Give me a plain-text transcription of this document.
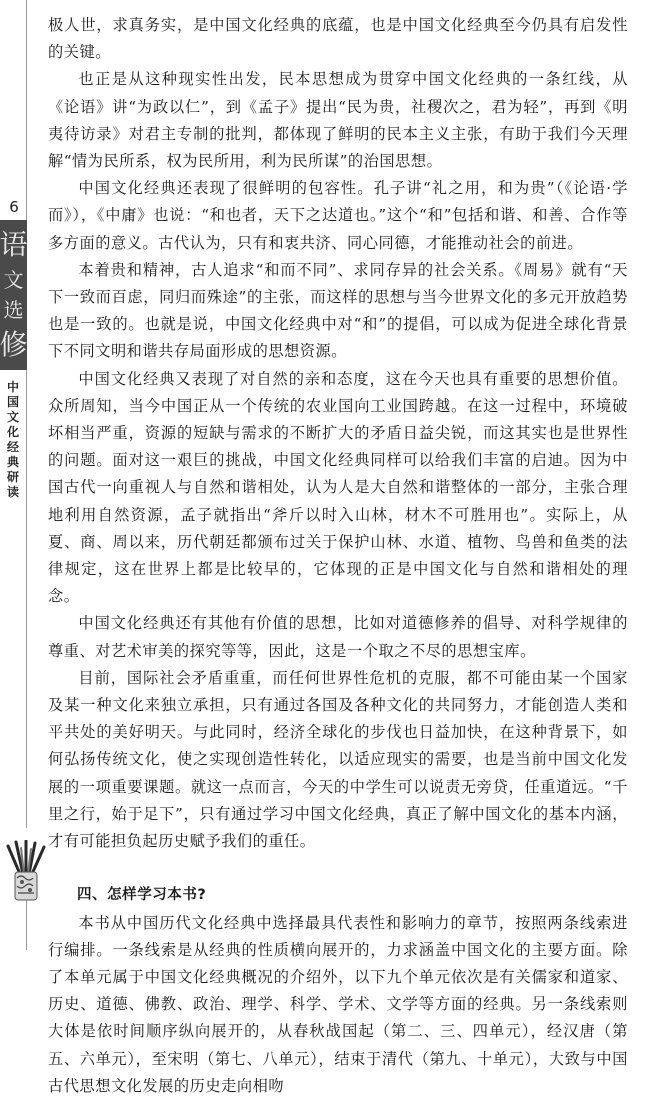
6
语
文
选
修
中
国
文
化
经
典
研
读

极人世，求真务实，是中国文化经典的底蕴，也是中国文化经典至今仍具有启发性的关键。

也正是从这种现实性出发，民本思想成为贯穿中国文化经典的一条红线，从《论语》讲“为政以仁”，到《孟子》提出“民为贵，社稷次之，君为轻”，再到《明夷待访录》对君主专制的批判，都体现了鲜明的民本主义主张，有助于我们今天理解“情为民所系，权为民所用，利为民所谋”的治国思想。

中国文化经典还表现了很鲜明的包容性。孔子讲“礼之用，和为贵”（《论语·学而》），《中庸》也说：“和也者，天下之达道也。”这个“和”包括和谐、和善、合作等多方面的意义。古代认为，只有和衷共济、同心同德，才能推动社会的前进。

本着贵和精神，古人追求“和而不同”、求同存异的社会关系。《周易》就有“天下一致而百虑，同归而殊途”的主张，而这样的思想与当今世界文化的多元开放趋势也是一致的。也就是说，中国文化经典中对“和”的提倡，可以成为促进全球化背景下不同文明和谐共存局面形成的思想资源。

中国文化经典又表现了对自然的亲和态度，这在今天也具有重要的思想价值。众所周知，当今中国正从一个传统的农业国向工业国跨越。在这一过程中，环境破坏相当严重，资源的短缺与需求的不断扩大的矛盾日益尖锐，而这其实也是世界性的问题。面对这一艰巨的挑战，中国文化经典同样可以给我们丰富的启迪。因为中国古代一向重视人与自然和谐相处，认为人是大自然和谐整体的一部分，主张合理地利用自然资源，孟子就指出“斧斤以时入山林，材木不可胜用也”。实际上，从夏、商、周以来，历代朝廷都颁布过关于保护山林、水道、植物、鸟兽和鱼类的法律规定，这在世界上都是比较早的，它体现的正是中国文化与自然和谐相处的理念。

中国文化经典还有其他有价值的思想，比如对道德修养的倡导、对科学规律的尊重、对艺术审美的探究等等，因此，这是一个取之不尽的思想宝库。

目前，国际社会矛盾重重，而任何世界性危机的克服，都不可能由某一个国家及某一种文化来独立承担，只有通过各国及各种文化的共同努力，才能创造人类和平共处的美好明天。与此同时，经济全球化的步伐也日益加快，在这种背景下，如何弘扬传统文化，使之实现创造性转化，以适应现实的需要，也是当前中国文化发展的一项重要课题。就这一点而言，今天的中学生可以说责无旁贷，任重道远。“千里之行，始于足下”，只有通过学习中国文化经典，真正了解中国文化的基本内涵，才有可能担负起历史赋予我们的重任。

四、怎样学习本书?

本书从中国历代文化经典中选择最具代表性和影响力的章节，按照两条线索进行编排。一条线索是从经典的性质横向展开的，力求涵盖中国文化的主要方面。除了本单元属于中国文化经典概况的介绍外，以下九个单元依次是有关儒家和道家、历史、道德、佛教、政治、理学、科学、学术、文学等方面的经典。另一条线索则大体是依时间顺序纵向展开的，从春秋战国起（第二、三、四单元），经汉唐（第五、六单元），至宋明（第七、八单元），结束于清代（第九、十单元），大致与中国古代思想文化发展的历史走向相吻
